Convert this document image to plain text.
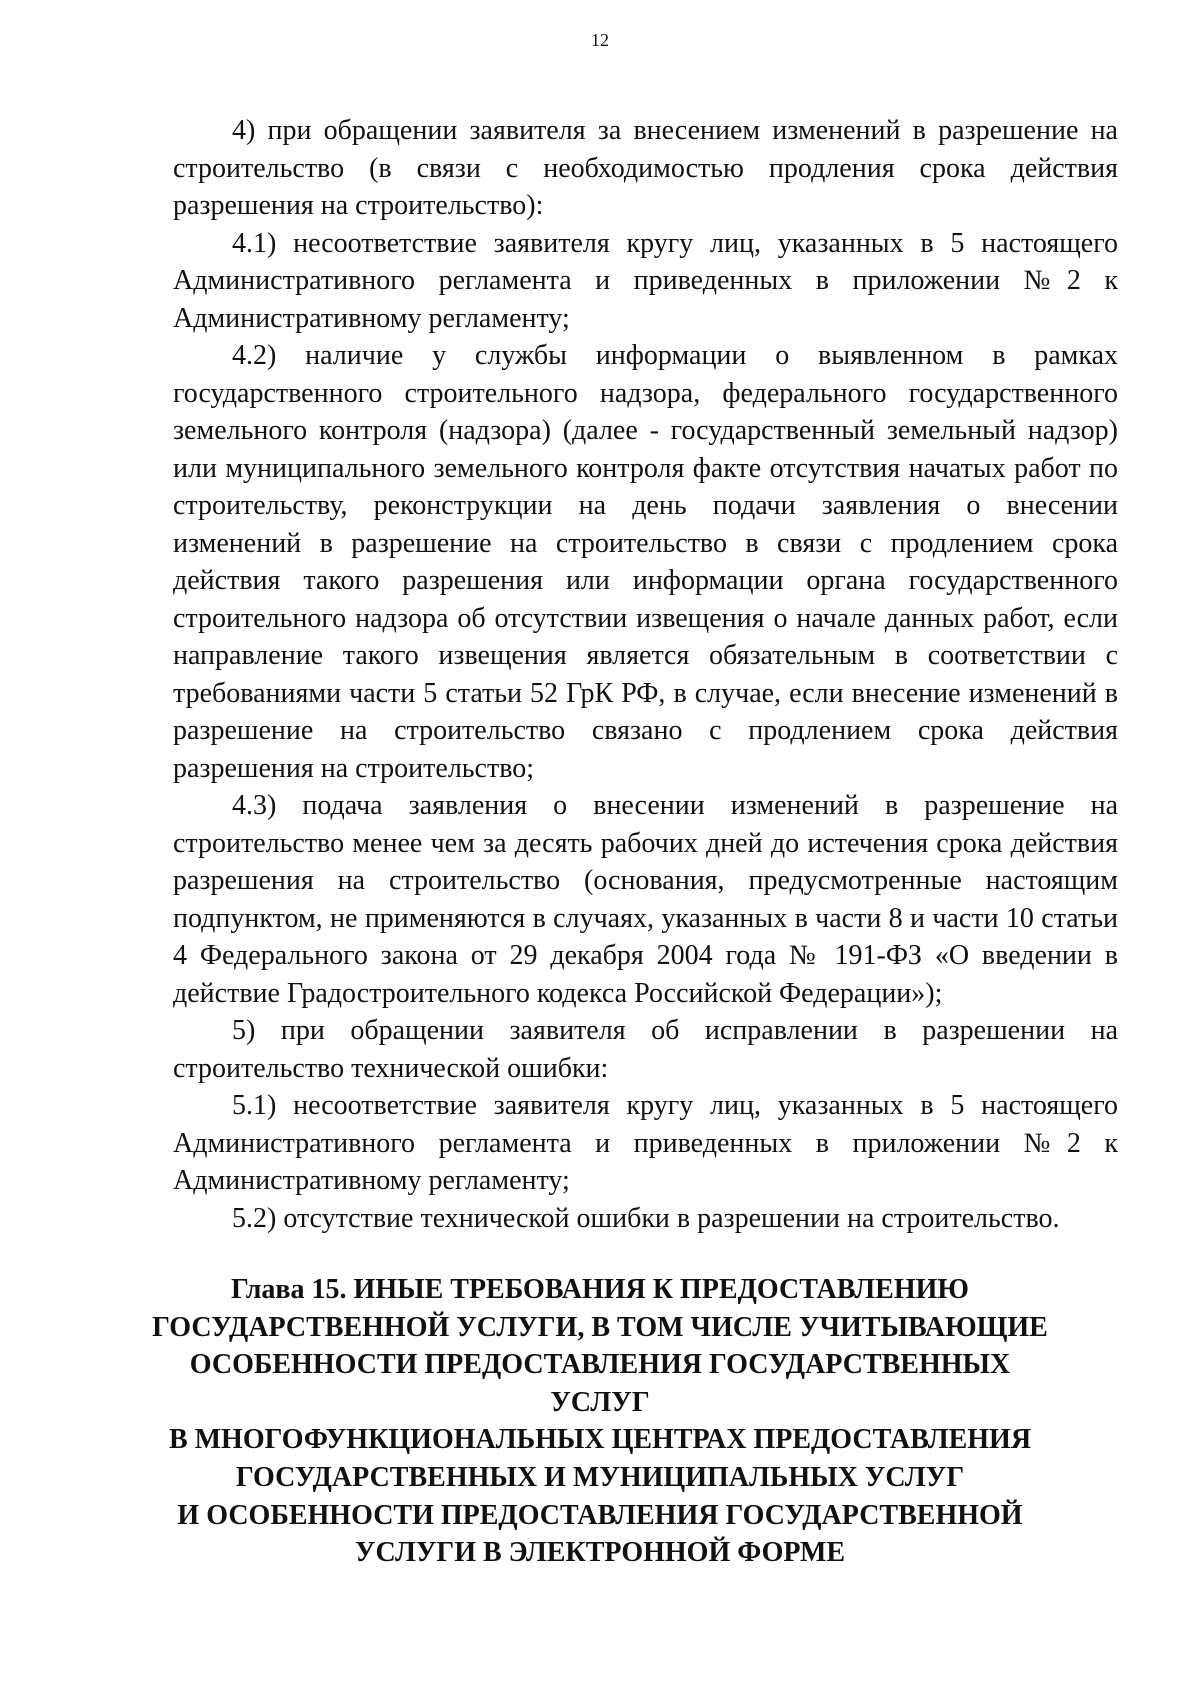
12

4) при обращении заявителя за внесением изменений в разрешение на строительство (в связи с необходимостью продления срока действия разрешения на строительство):

4.1) несоответствие заявителя кругу лиц, указанных в 5 настоящего Административного регламента и приведенных в приложении №2 к Административному регламенту;

4.2) наличие у службы информации о выявленном в рамках государственного строительного надзора, федерального государственного земельного контроля (надзора) (далее - государственный земельный надзор) или муниципального земельного контроля факте отсутствия начатых работ по строительству, реконструкции на день подачи заявления о внесении изменений в разрешение на строительство в связи с продлением срока действия такого разрешения или информации органа государственного строительного надзора об отсутствии извещения о начале данных работ, если направление такого извещения является обязательным в соответствии с требованиями части 5 статьи 52 ГрК РФ, в случае, если внесение изменений в разрешение на строительство связано с продлением срока действия разрешения на строительство;

4.3) подача заявления о внесении изменений в разрешение на строительство менее чем за десять рабочих дней до истечения срока действия разрешения на строительство (основания, предусмотренные настоящим подпунктом, не применяются в случаях, указанных в части 8 и части 10 статьи 4 Федерального закона от 29 декабря 2004 года № 191-ФЗ «О введении в действие Градостроительного кодекса Российской Федерации»);

5) при обращении заявителя об исправлении в разрешении на строительство технической ошибки:

5.1) несоответствие заявителя кругу лиц, указанных в 5 настоящего Административного регламента и приведенных в приложении №2 к Административному регламенту;

5.2) отсутствие технической ошибки в разрешении на строительство.

Глава 15. ИНЫЕ ТРЕБОВАНИЯ К ПРЕДОСТАВЛЕНИЮ
ГОСУДАРСТВЕННОЙ УСЛУГИ, В ТОМ ЧИСЛЕ УЧИТЫВАЮЩИЕ
ОСОБЕННОСТИ ПРЕДОСТАВЛЕНИЯ ГОСУДАРСТВЕННЫХ УСЛУГ
В МНОГОФУНКЦИОНАЛЬНЫХ ЦЕНТРАХ ПРЕДОСТАВЛЕНИЯ
ГОСУДАРСТВЕННЫХ И МУНИЦИПАЛЬНЫХ УСЛУГ
И ОСОБЕННОСТИ ПРЕДОСТАВЛЕНИЯ ГОСУДАРСТВЕННОЙ
УСЛУГИ В ЭЛЕКТРОННОЙ ФОРМЕ
